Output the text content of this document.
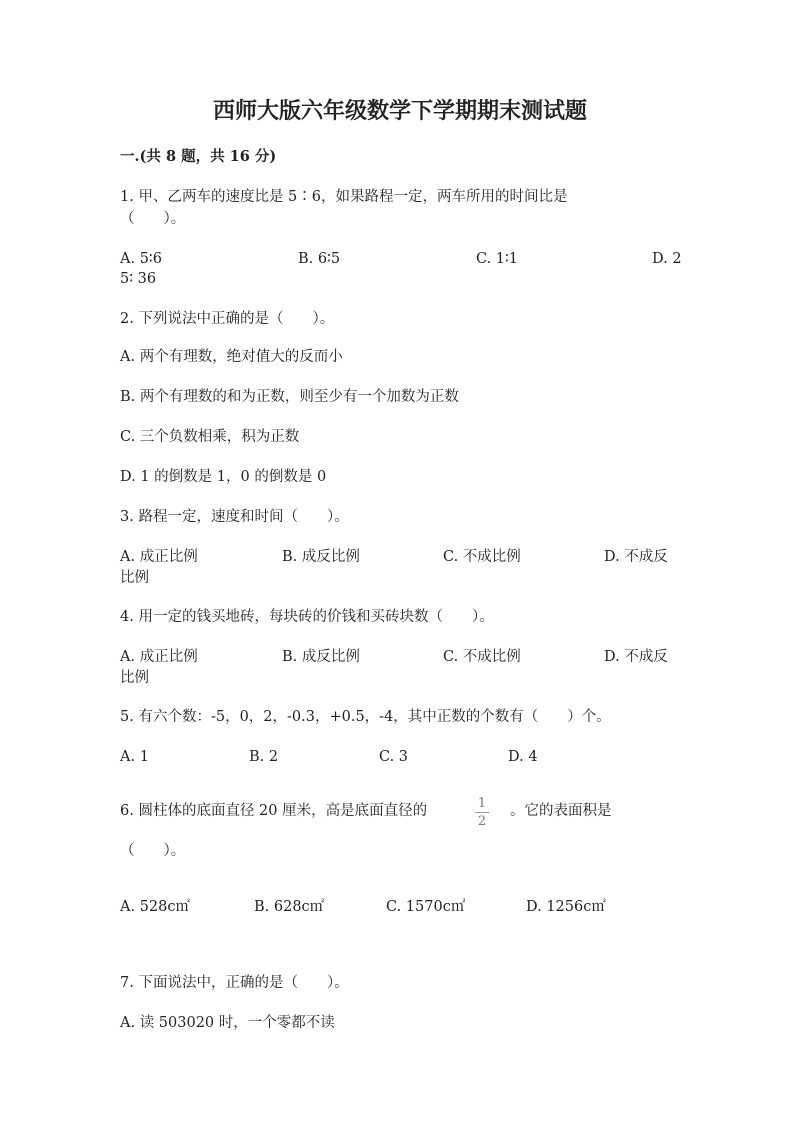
西师大版六年级数学下学期期末测试题
一.(共 8 题，共 16 分)
1. 甲、乙两车的速度比是 5∶6，如果路程一定，两车所用的时间比是
（　　）。
A. 5∶6	B. 6∶5	C. 1∶1	D. 2
5∶ 36
2. 下列说法中正确的是（　　）。
A. 两个有理数，绝对值大的反而小
B. 两个有理数的和为正数，则至少有一个加数为正数
C. 三个负数相乘，积为正数
D. 1 的倒数是 1，0 的倒数是 0
3. 路程一定，速度和时间（　　）。
A. 成正比例	B. 成反比例	C. 不成比例	D. 不成反
比例
4. 用一定的钱买地砖，每块砖的价钱和买砖块数（　　）。
A. 成正比例	B. 成反比例	C. 不成比例	D. 不成反
比例
5. 有六个数：-5，0，2，-0.3，+0.5，-4，其中正数的个数有（　　）个。
A. 1	B. 2	C. 3	D. 4
6. 圆柱体的底面直径 20 厘米，高是底面直径的	1
2
。它的表面积是
（　　）。
A. 528c㎡	B. 628c㎡	C. 1570c㎡	D. 1256c㎡
7. 下面说法中，正确的是（　　）。
A. 读 503020 时，一个零都不读
